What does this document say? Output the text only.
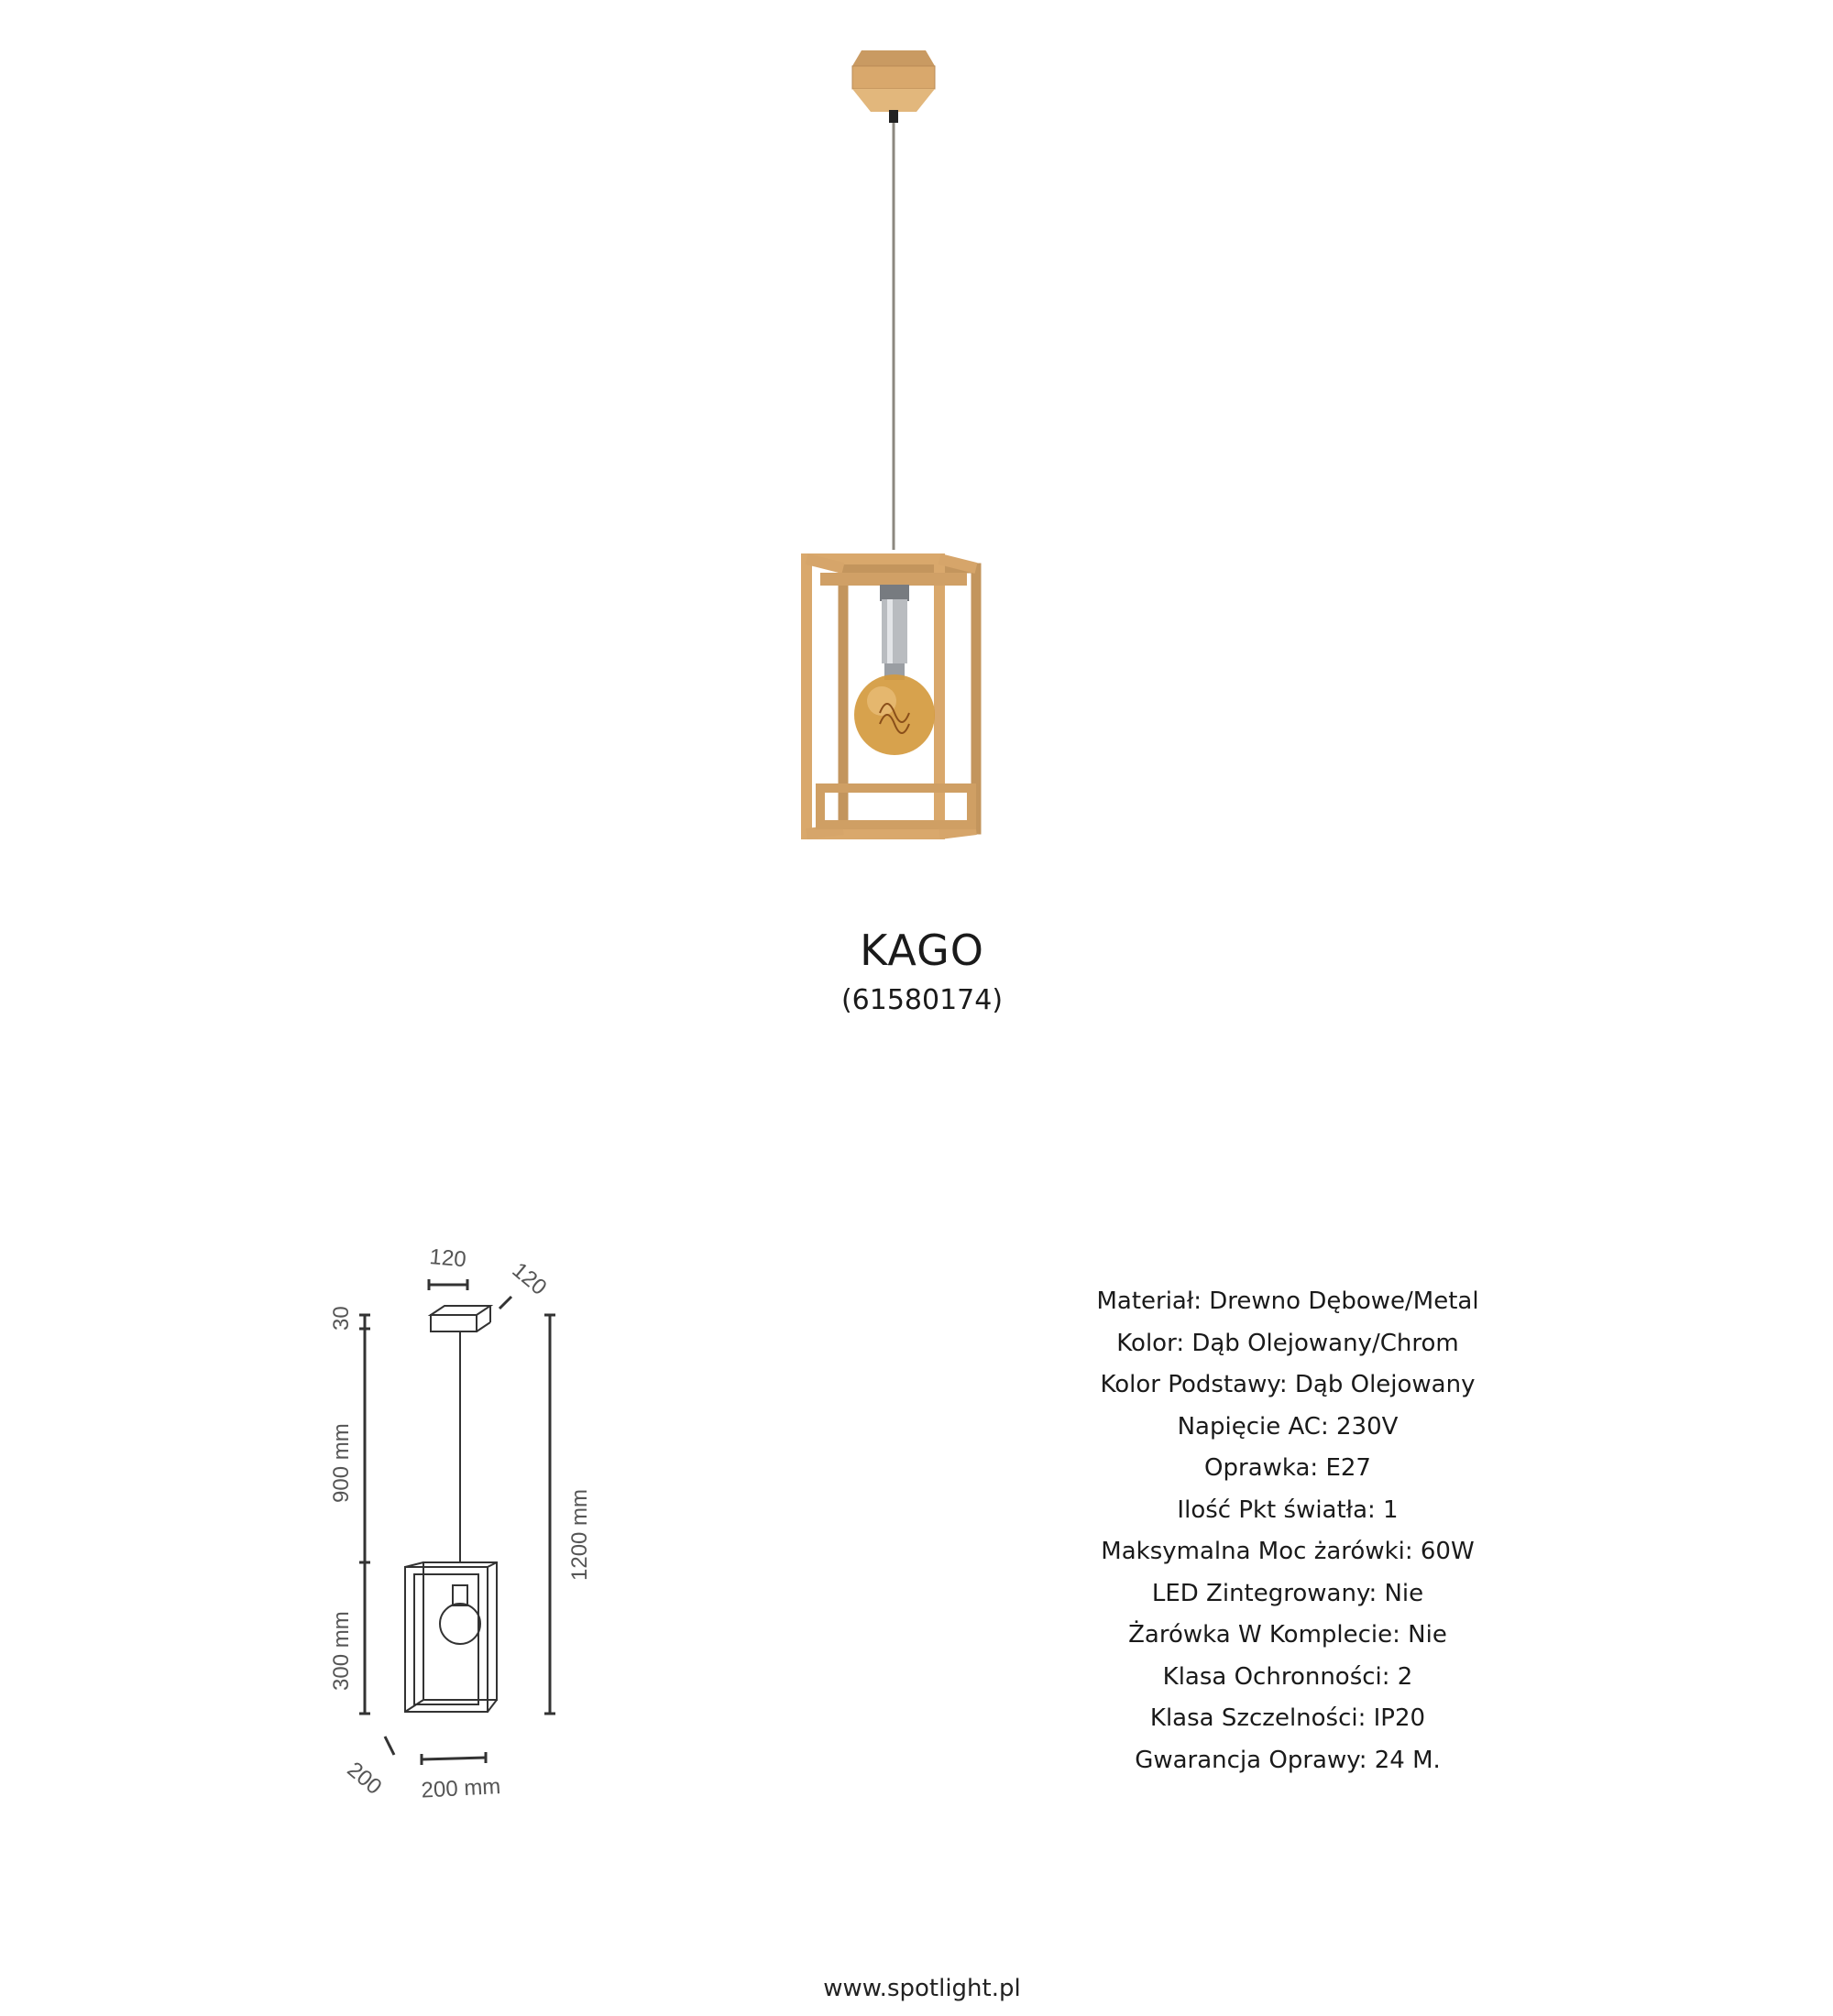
KAGO
(61580174)
120 120
30
900 mm
300 mm
1200 mm
200 200 mm
Materiał: Drewno Dębowe/Metal
Kolor: Dąb Olejowany/Chrom
Kolor Podstawy: Dąb Olejowany
Napięcie AC: 230V
Oprawka: E27
Ilość Pkt światła: 1
Maksymalna Moc żarówki: 60W
LED Zintegrowany: Nie
Żarówka W Komplecie: Nie
Klasa Ochronności: 2
Klasa Szczelności: IP20
Gwarancja Oprawy: 24 M.
www.spotlight.pl
